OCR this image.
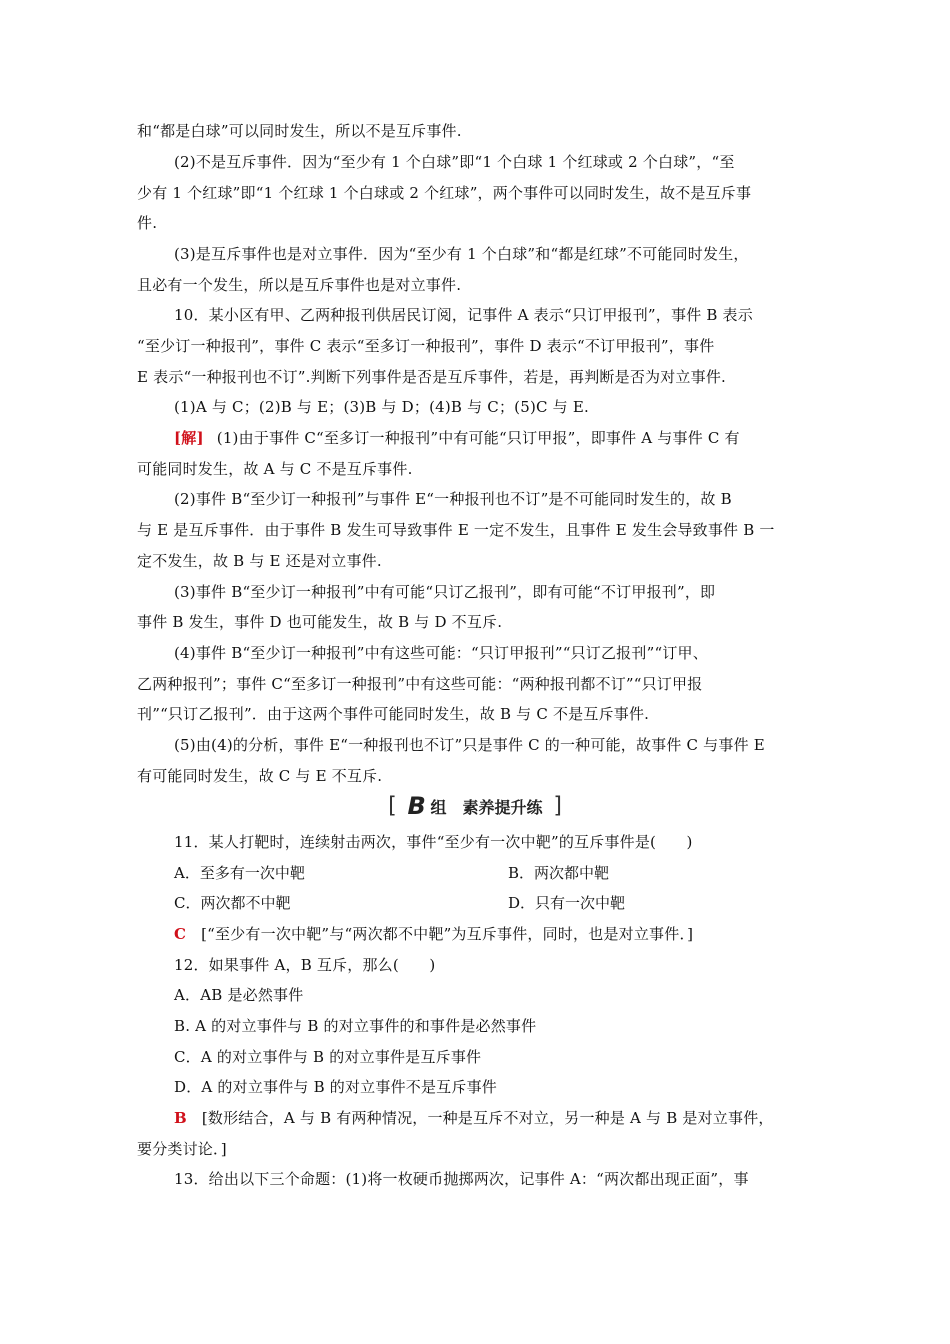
和“都是白球”可以同时发生，所以不是互斥事件.
(2)不是互斥事件．因为“至少有 1 个白球”即“1 个白球 1 个红球或 2 个白球”，“至
少有 1 个红球”即“1 个红球 1 个白球或 2 个红球”，两个事件可以同时发生，故不是互斥事
件.
(3)是互斥事件也是对立事件．因为“至少有 1 个白球”和“都是红球”不可能同时发生，
且必有一个发生，所以是互斥事件也是对立事件.
10．某小区有甲、乙两种报刊供居民订阅，记事件 A 表示“只订甲报刊”，事件 B 表示
“至少订一种报刊”，事件 C 表示“至多订一种报刊”，事件 D 表示“不订甲报刊”，事件
E 表示“一种报刊也不订”.判断下列事件是否是互斥事件，若是，再判断是否为对立事件.
(1)A 与 C；(2)B 与 E；(3)B 与 D；(4)B 与 C；(5)C 与 E.
[解] (1)由于事件 C“至多订一种报刊”中有可能“只订甲报”，即事件 A 与事件 C 有
可能同时发生，故 A 与 C 不是互斥事件.
(2)事件 B“至少订一种报刊”与事件 E“一种报刊也不订”是不可能同时发生的，故 B
与 E 是互斥事件．由于事件 B 发生可导致事件 E 一定不发生，且事件 E 发生会导致事件 B 一
定不发生，故 B 与 E 还是对立事件.
(3)事件 B“至少订一种报刊”中有可能“只订乙报刊”，即有可能“不订甲报刊”，即
事件 B 发生，事件 D 也可能发生，故 B 与 D 不互斥.
(4)事件 B“至少订一种报刊”中有这些可能：“只订甲报刊”“只订乙报刊”“订甲、
乙两种报刊”；事件 C“至多订一种报刊”中有这些可能：“两种报刊都不订”“只订甲报
刊”“只订乙报刊”．由于这两个事件可能同时发生，故 B 与 C 不是互斥事件.
(5)由(4)的分析，事件 E“一种报刊也不订”只是事件 C 的一种可能，故事件 C 与事件 E
有可能同时发生，故 C 与 E 不互斥.
[ B 组　素养提升练 ]
11．某人打靶时，连续射击两次，事件“至少有一次中靶”的互斥事件是(　　)
A．至多有一次中靶	B．两次都中靶
C．两次都不中靶	D．只有一次中靶
C [“至少有一次中靶”与“两次都不中靶”为互斥事件，同时，也是对立事件．]
12．如果事件 A，B 互斥，那么(　　)
A．AB 是必然事件
B. A 的对立事件与 B 的对立事件的和事件是必然事件
C．A 的对立事件与 B 的对立事件是互斥事件
D．A 的对立事件与 B 的对立事件不是互斥事件
B [数形结合，A 与 B 有两种情况，一种是互斥不对立，另一种是 A 与 B 是对立事件，
要分类讨论．]
13．给出以下三个命题：(1)将一枚硬币抛掷两次，记事件 A：“两次都出现正面”，事
